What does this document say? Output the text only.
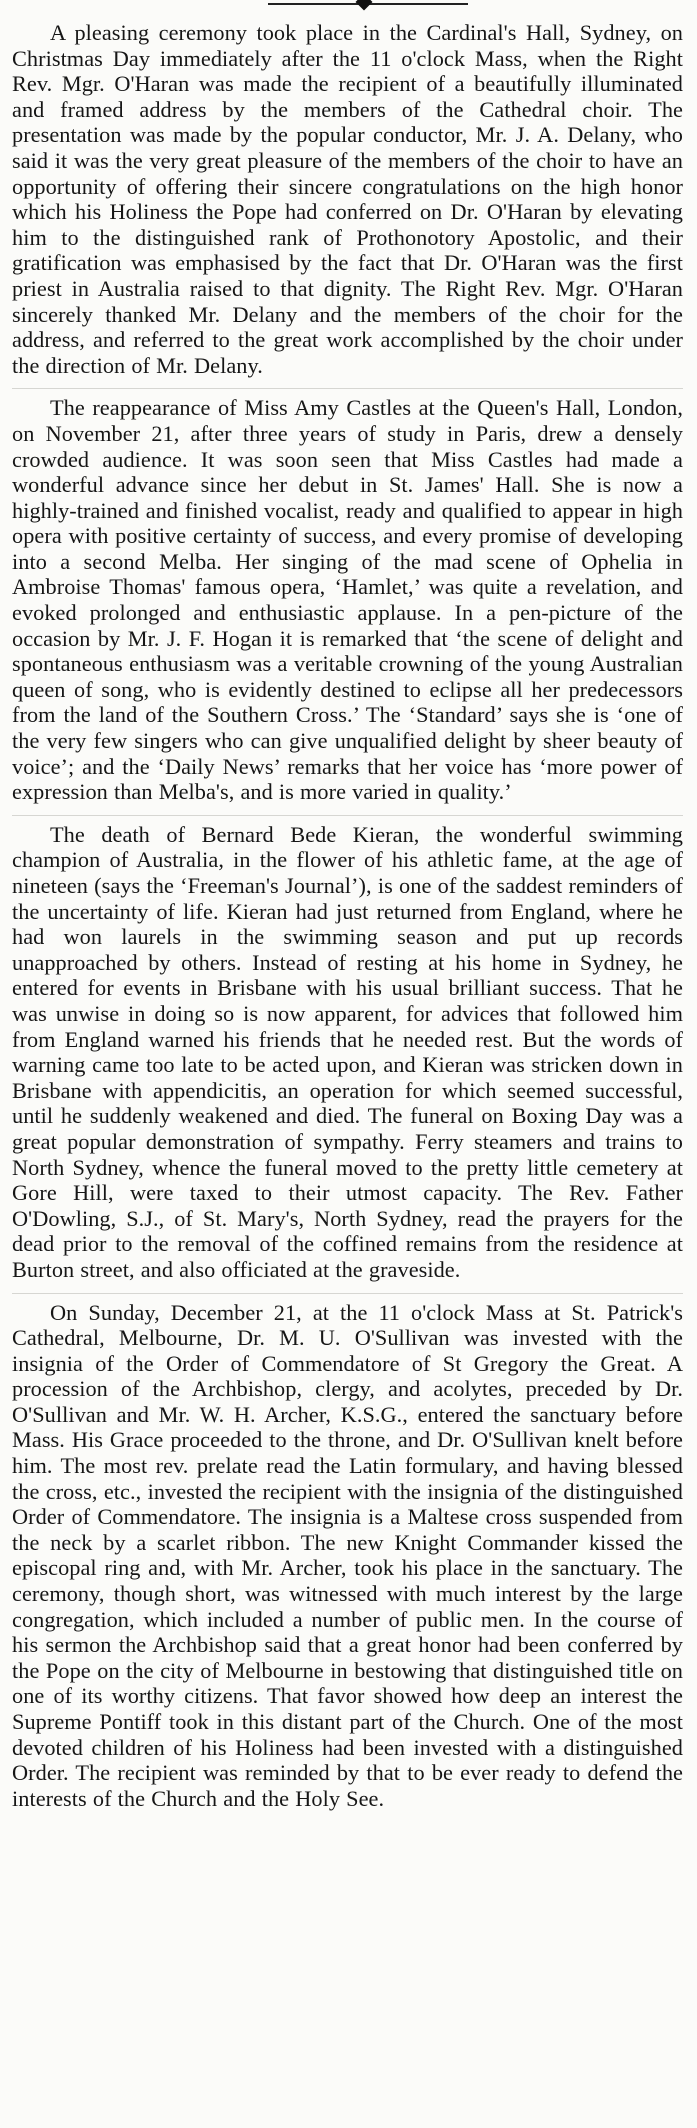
A pleasing ceremony took place in the Cardinal's Hall, Sydney, on Christmas Day immediately after the 11 o'clock Mass, when the Right Rev. Mgr. O'Haran was made the recipient of a beautifully illuminated and framed address by the members of the Cathedral choir. The presentation was made by the popular conductor, Mr. J. A. Delany, who said it was the very great pleasure of the members of the choir to have an opportunity of offering their sincere congratulations on the high honor which his Holiness the Pope had conferred on Dr. O'Haran by elevating him to the distinguished rank of Prothonotory Apostolic, and their gratification was emphasised by the fact that Dr. O'Haran was the first priest in Australia raised to that dignity. The Right Rev. Mgr. O'Haran sincerely thanked Mr. Delany and the members of the choir for the address, and referred to the great work accomplished by the choir under the direction of Mr. Delany.

The reappearance of Miss Amy Castles at the Queen's Hall, London, on November 21, after three years of study in Paris, drew a densely crowded audience. It was soon seen that Miss Castles had made a wonderful advance since her debut in St. James' Hall. She is now a highly-trained and finished vocalist, ready and qualified to appear in high opera with positive certainty of success, and every promise of developing into a second Melba. Her singing of the mad scene of Ophelia in Ambroise Thomas' famous opera, ‘Hamlet,’ was quite a revelation, and evoked prolonged and enthusiastic applause. In a pen-picture of the occasion by Mr. J. F. Hogan it is remarked that ‘the scene of delight and spontaneous enthusiasm was a veritable crowning of the young Australian queen of song, who is evidently destined to eclipse all her predecessors from the land of the Southern Cross.’ The ‘Standard’ says she is ‘one of the very few singers who can give unqualified delight by sheer beauty of voice’; and the ‘Daily News’ remarks that her voice has ‘more power of expression than Melba's, and is more varied in quality.’

The death of Bernard Bede Kieran, the wonderful swimming champion of Australia, in the flower of his athletic fame, at the age of nineteen (says the ‘Freeman's Journal’), is one of the saddest reminders of the uncertainty of life. Kieran had just returned from England, where he had won laurels in the swimming season and put up records unapproached by others. Instead of resting at his home in Sydney, he entered for events in Brisbane with his usual brilliant success. That he was unwise in doing so is now apparent, for advices that followed him from England warned his friends that he needed rest. But the words of warning came too late to be acted upon, and Kieran was stricken down in Brisbane with appendicitis, an operation for which seemed successful, until he suddenly weakened and died. The funeral on Boxing Day was a great popular demonstration of sympathy. Ferry steamers and trains to North Sydney, whence the funeral moved to the pretty little cemetery at Gore Hill, were taxed to their utmost capacity. The Rev. Father O'Dowling, S.J., of St. Mary's, North Sydney, read the prayers for the dead prior to the removal of the coffined remains from the residence at Burton street, and also officiated at the graveside.

On Sunday, December 21, at the 11 o'clock Mass at St. Patrick's Cathedral, Melbourne, Dr. M. U. O'Sullivan was invested with the insignia of the Order of Commendatore of St Gregory the Great. A procession of the Archbishop, clergy, and acolytes, preceded by Dr. O'Sullivan and Mr. W. H. Archer, K.S.G., entered the sanctuary before Mass. His Grace proceeded to the throne, and Dr. O'Sullivan knelt before him. The most rev. prelate read the Latin formulary, and having blessed the cross, etc., invested the recipient with the insignia of the distinguished Order of Commendatore. The insignia is a Maltese cross suspended from the neck by a scarlet ribbon. The new Knight Commander kissed the episcopal ring and, with Mr. Archer, took his place in the sanctuary. The ceremony, though short, was witnessed with much interest by the large congregation, which included a number of public men. In the course of his sermon the Archbishop said that a great honor had been conferred by the Pope on the city of Melbourne in bestowing that distinguished title on one of its worthy citizens. That favor showed how deep an interest the Supreme Pontiff took in this distant part of the Church. One of the most devoted children of his Holiness had been invested with a distinguished Order. The recipient was reminded by that to be ever ready to defend the interests of the Church and the Holy See.
